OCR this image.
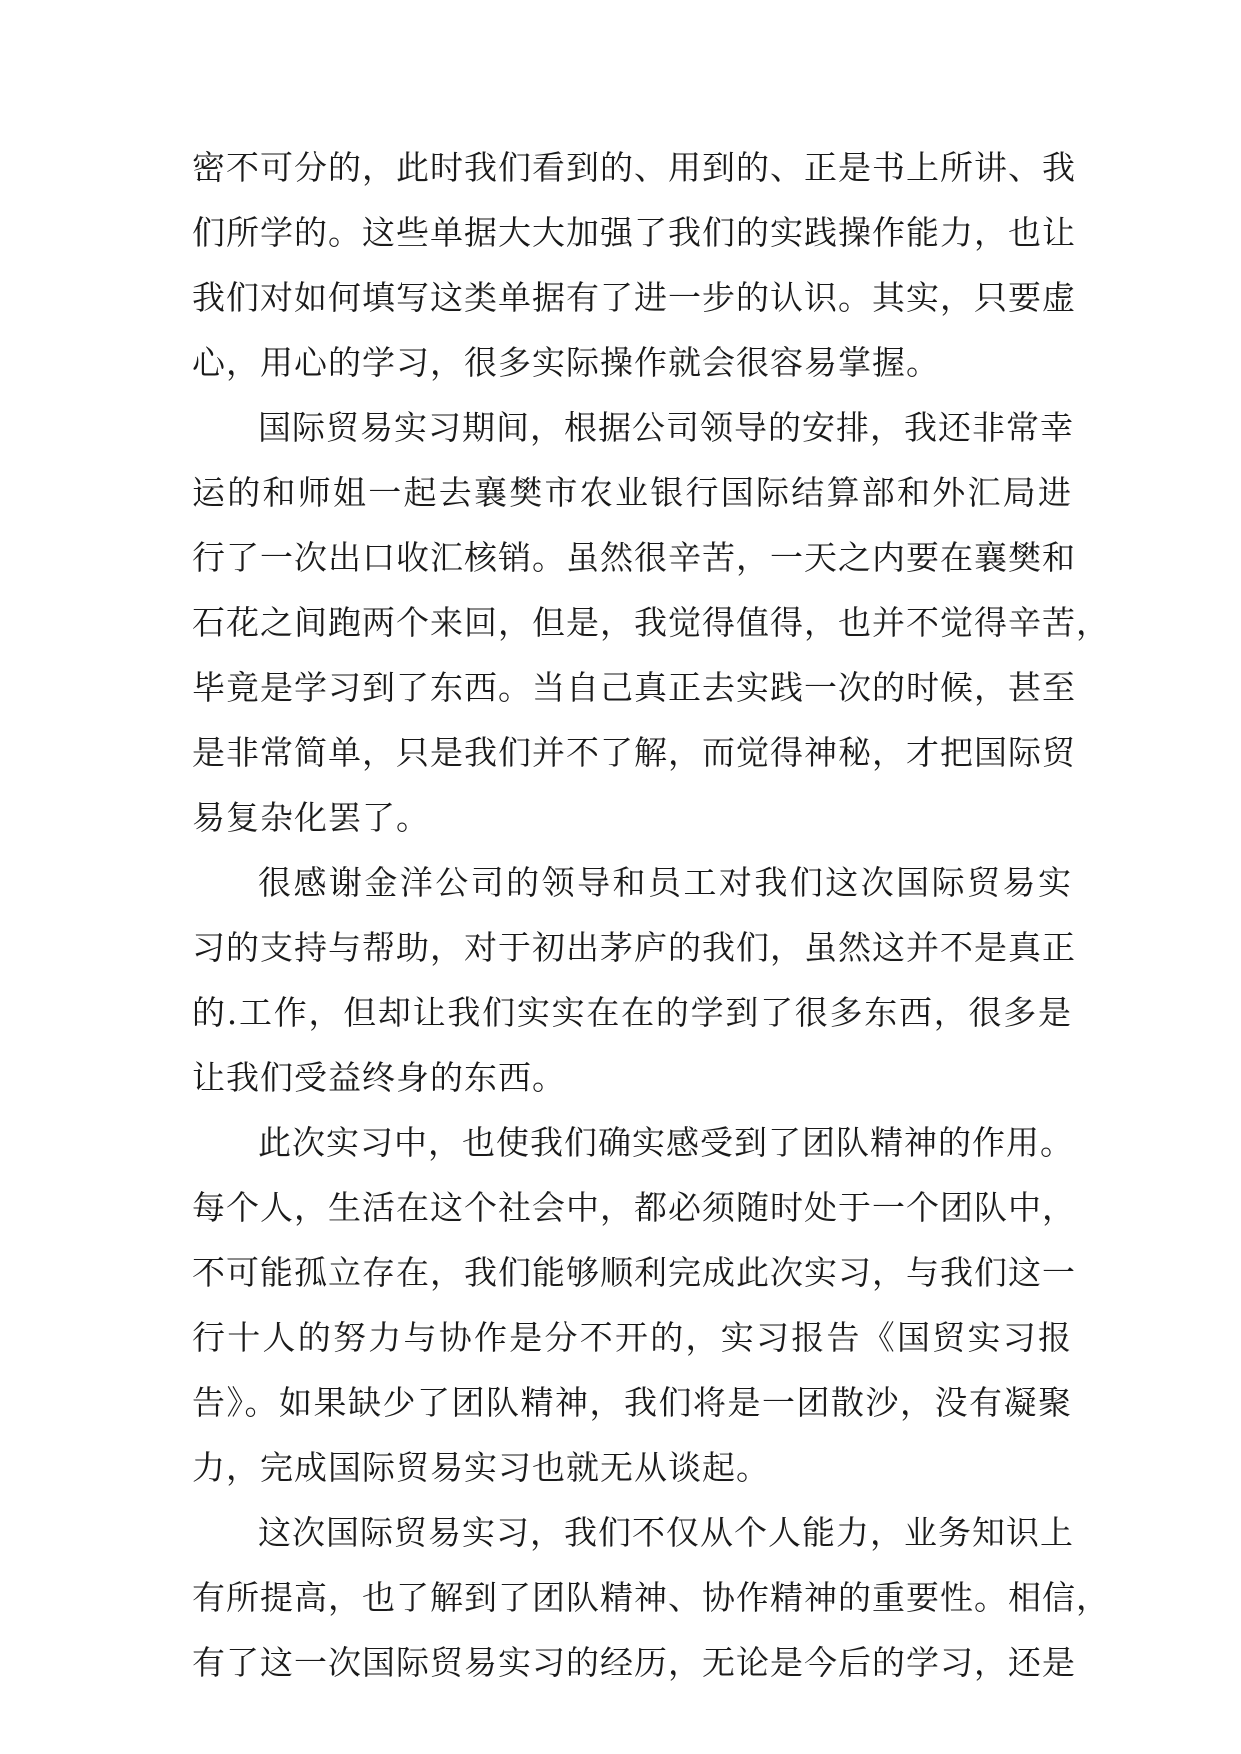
密不可分的，此时我们看到的、用到的、正是书上所讲、我
们所学的。这些单据大大加强了我们的实践操作能力，也让
我们对如何填写这类单据有了进一步的认识。其实，只要虚
心，用心的学习，很多实际操作就会很容易掌握。
国际贸易实习期间，根据公司领导的安排，我还非常幸
运的和师姐一起去襄樊市农业银行国际结算部和外汇局进
行了一次出口收汇核销。虽然很辛苦，一天之内要在襄樊和
石花之间跑两个来回，但是，我觉得值得，也并不觉得辛苦，
毕竟是学习到了东西。当自己真正去实践一次的时候，甚至
是非常简单，只是我们并不了解，而觉得神秘，才把国际贸
易复杂化罢了。
很感谢金洋公司的领导和员工对我们这次国际贸易实
习的支持与帮助，对于初出茅庐的我们，虽然这并不是真正
的.工作，但却让我们实实在在的学到了很多东西，很多是
让我们受益终身的东西。
此次实习中，也使我们确实感受到了团队精神的作用。
每个人，生活在这个社会中，都必须随时处于一个团队中，
不可能孤立存在，我们能够顺利完成此次实习，与我们这一
行十人的努力与协作是分不开的，实习报告《国贸实习报
告》。如果缺少了团队精神，我们将是一团散沙，没有凝聚
力，完成国际贸易实习也就无从谈起。
这次国际贸易实习，我们不仅从个人能力，业务知识上
有所提高，也了解到了团队精神、协作精神的重要性。相信，
有了这一次国际贸易实习的经历，无论是今后的学习，还是
